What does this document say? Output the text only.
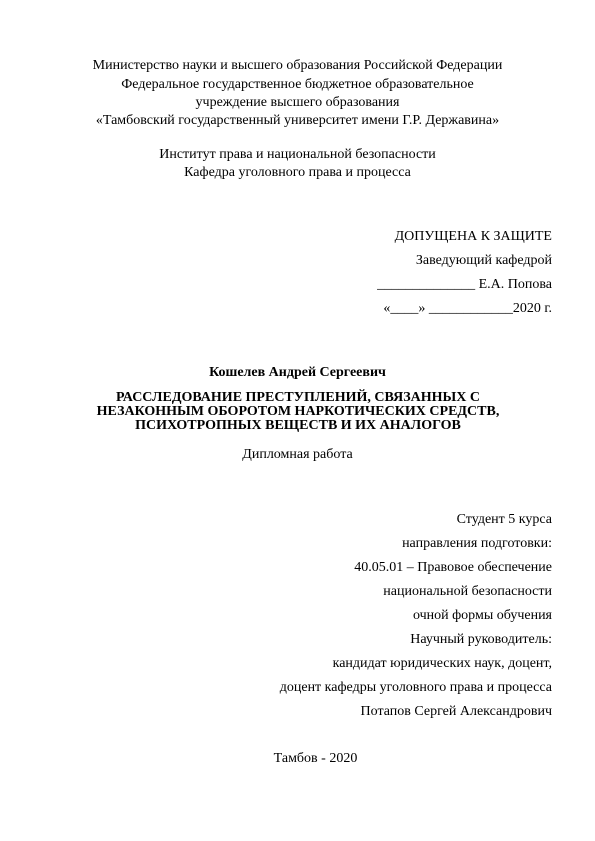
Министерство науки и высшего образования Российской Федерации
Федеральное государственное бюджетное образовательное
учреждение высшего образования
«Тамбовский государственный университет имени Г.Р. Державина»
Институт права и национальной безопасности
Кафедра уголовного права и процесса
ДОПУЩЕНА К ЗАЩИТЕ
Заведующий кафедрой
______________ Е.А. Попова
«____» ____________2020 г.
Кошелев Андрей Сергеевич
РАССЛЕДОВАНИЕ ПРЕСТУПЛЕНИЙ, СВЯЗАННЫХ С
НЕЗАКОННЫМ ОБОРОТОМ НАРКОТИЧЕСКИХ СРЕДСТВ,
ПСИХОТРОПНЫХ ВЕЩЕСТВ И ИХ АНАЛОГОВ
Дипломная работа
Студент 5 курса
направления подготовки:
40.05.01 – Правовое обеспечение
национальной безопасности
очной формы обучения
Научный руководитель:
кандидат юридических наук, доцент,
доцент кафедры уголовного права и процесса
Потапов Сергей Александрович
Тамбов - 2020
